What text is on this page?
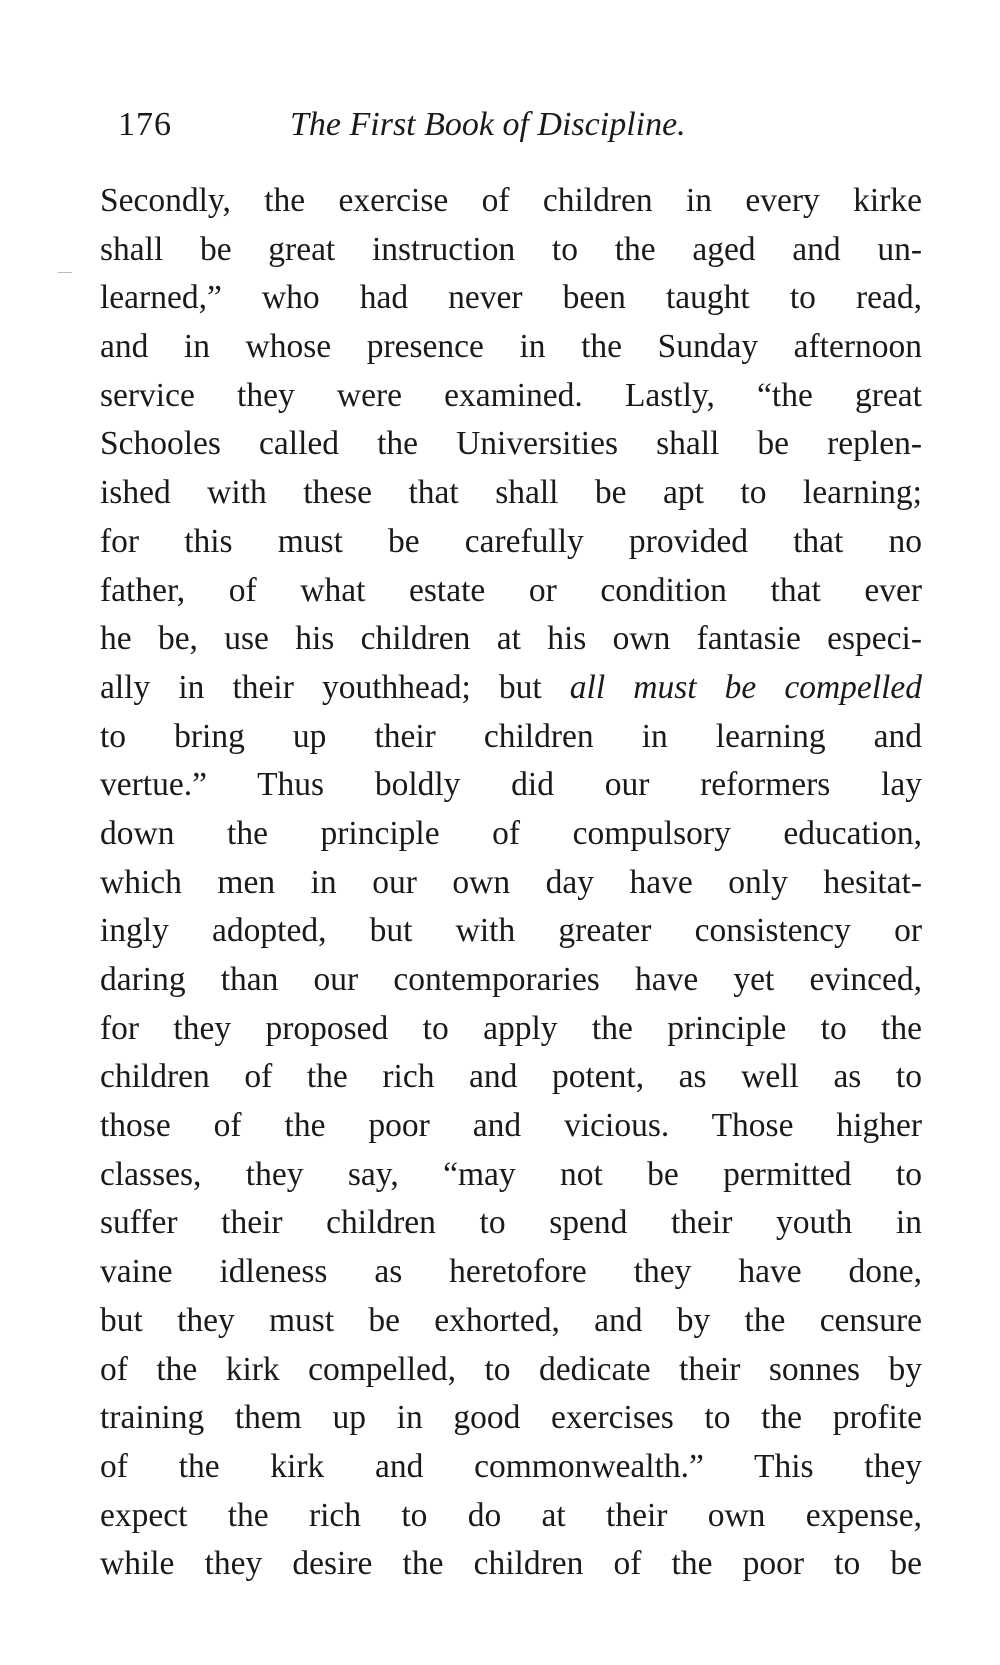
176	The First Book of Discipline.
Secondly, the exercise of children in every kirke
shall be great instruction to the aged and un-
learned,” who had never been taught to read,
and in whose presence in the Sunday afternoon
service they were examined. Lastly, “the great
Schooles called the Universities shall be replen-
ished with these that shall be apt to learning;
for this must be carefully provided that no
father, of what estate or condition that ever
he be, use his children at his own fantasie especi-
ally in their youthhead; but all must be compelled
to bring up their children in learning and
vertue.” Thus boldly did our reformers lay
down the principle of compulsory education,
which men in our own day have only hesitat-
ingly adopted, but with greater consistency or
daring than our contemporaries have yet evinced,
for they proposed to apply the principle to the
children of the rich and potent, as well as to
those of the poor and vicious. Those higher
classes, they say, “may not be permitted to
suffer their children to spend their youth in
vaine idleness as heretofore they have done,
but they must be exhorted, and by the censure
of the kirk compelled, to dedicate their sonnes by
training them up in good exercises to the profite
of the kirk and commonwealth.” This they
expect the rich to do at their own expense,
while they desire the children of the poor to be
